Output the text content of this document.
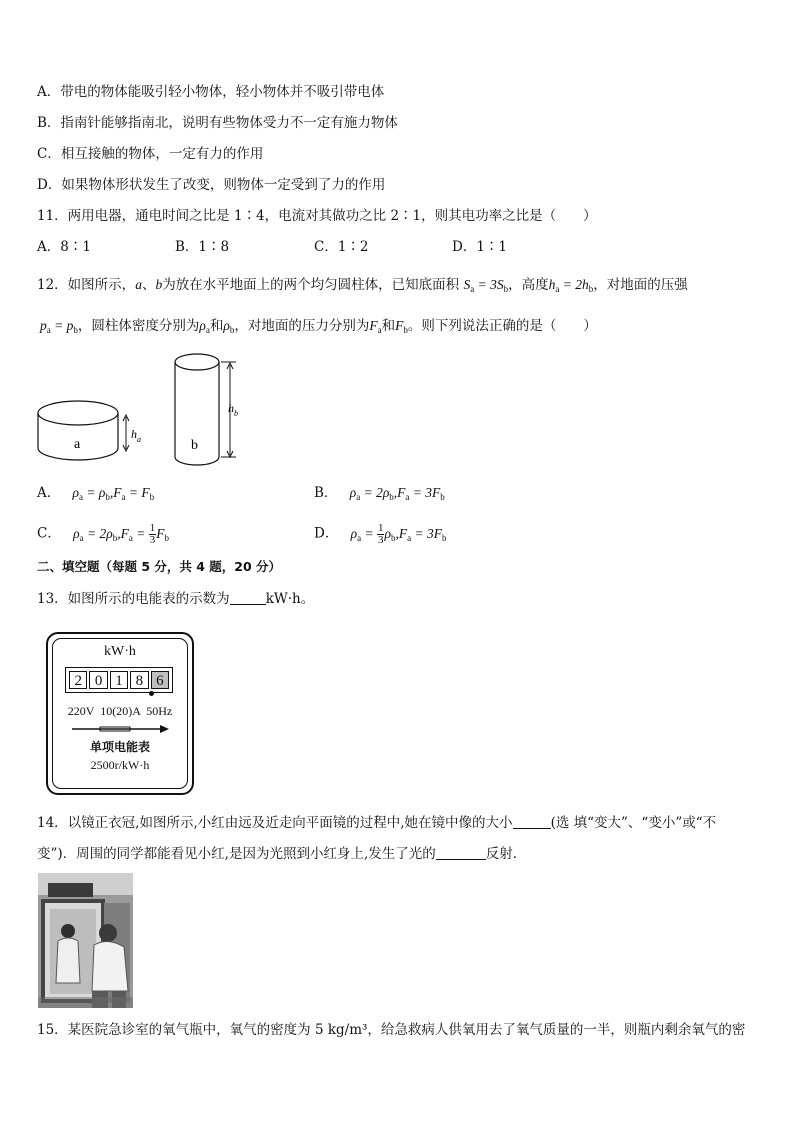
A．带电的物体能吸引轻小物体，轻小物体并不吸引带电体
B．指南针能够指南北，说明有些物体受力不一定有施力物体
C．相互接触的物体，一定有力的作用
D．如果物体形状发生了改变，则物体一定受到了力的作用
11．两用电器，通电时间之比是 1∶4，电流对其做功之比 2∶1，则其电功率之比是（　　）
A．8∶1	B．1∶8	C．1∶2	D．1∶1
12．如图所示，a、b为放在水平地面上的两个均匀圆柱体，已知底面积 $S_a = 3S_b$，高度$h_a = 2h_b$，对地面的压强
$p_a = p_b$，圆柱体密度分别为$\rho_a$和$\rho_b$，对地面的压力分别为$F_a$和$F_b$。则下列说法正确的是（　　）
a
$h_a$	b
$h_b$
A． $\rho_a = \rho_b,F_a = F_b$	B． $\rho_a = 2\rho_b,F_a = 3F_b$
C． $\rho_a = 2\rho_b,F_a = \frac{1}{3} F_b$	D． $\rho_a = \frac{1}{3} \rho_b,F_a = 3F_b$
二、填空题（每题 5 分，共 4 题，20 分）
13．如图所示的电能表的示数为	kW·h。
kW·h
2 0 1 8 6
220V  10(20)A  50Hz
单项电能表
2500r/kW·h
14．以镜正衣冠,如图所示,小红由远及近走向平面镜的过程中,她在镜中像的大小	(选 填“变大”、“变小”或“不
变”)．周围的同学都能看见小红,是因为光照到小红身上,发生了光的	反射．
15．某医院急诊室的氧气瓶中，氧气的密度为 5 kg/m³，给急救病人供氧用去了氧气质量的一半，则瓶内剩余氧气的密
